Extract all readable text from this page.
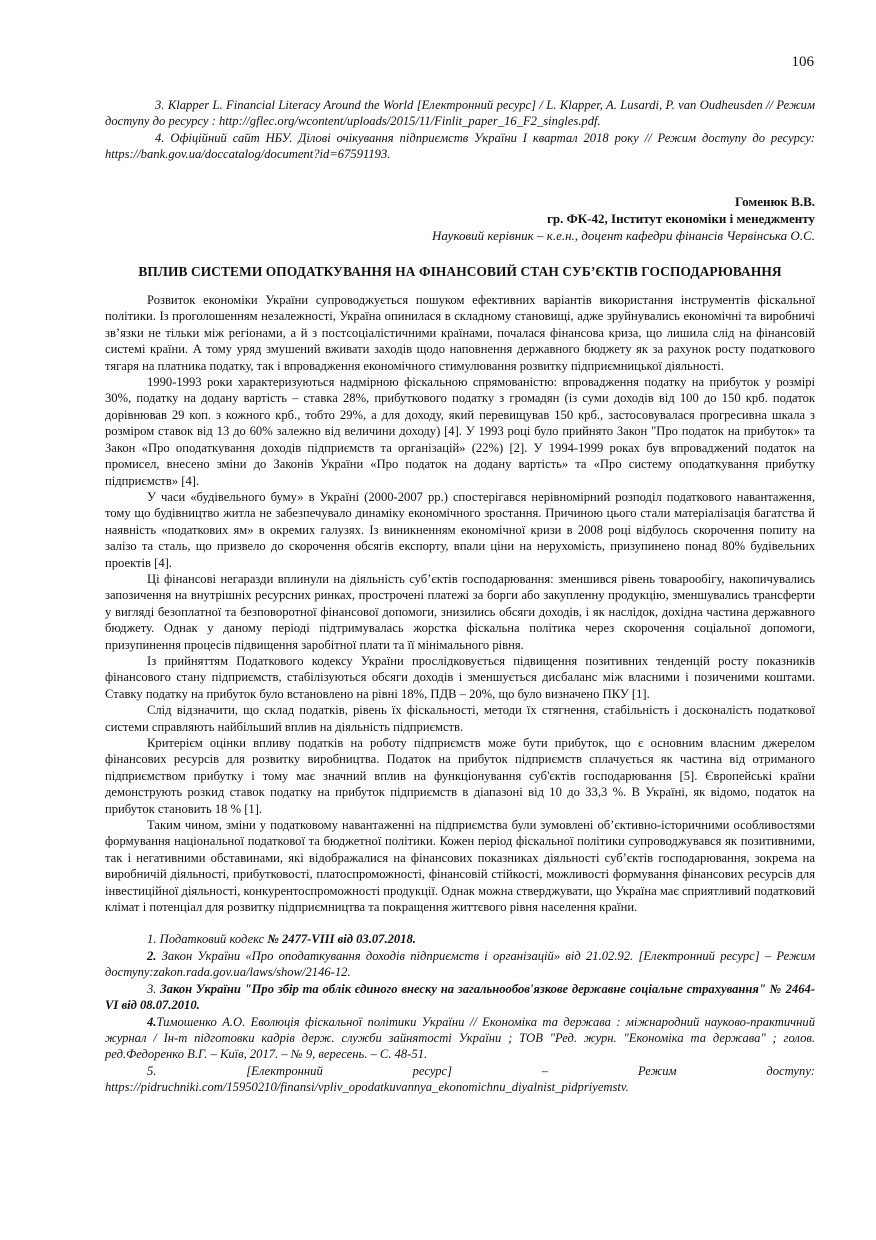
106

3. Klapper L. Financial Literacy Around the World [Електронний ресурс] / L. Klapper, A. Lusardi, P. van Oudheusden // Режим доступу до ресурсу : http://gflec.org/wcontent/uploads/2015/11/Finlit_paper_16_F2_singles.pdf.

4. Офіційний сайт НБУ. Ділові очікування підприємств України І квартал 2018 року // Режим доступу до ресурсу: https://bank.gov.ua/doccatalog/document?id=67591193.

Гоменюк В.В.
гр. ФК-42, Інститут економіки і менеджменту
Науковий керівник – к.е.н., доцент кафедри фінансів Червінська О.С.
ВПЛИВ СИСТЕМИ ОПОДАТКУВАННЯ НА ФІНАНСОВИЙ СТАН СУБ’ЄКТІВ ГОСПОДАРЮВАННЯ

Розвиток економіки України супроводжується пошуком ефективних варіантів використання інструментів фіскальної політики. Із проголошенням незалежності, Україна опинилася в складному становищі, адже зруйнувались економічні та виробничі зв’язки не тільки між регіонами, а й з постсоціалістичними країнами, почалася фінансова криза, що лишила слід на фінансовій системі країни. А тому уряд змушений вживати заходів щодо наповнення державного бюджету як за рахунок росту податкового тягаря на платника податку, так і впровадження економічного стимулювання розвитку підприємницької діяльності.

1990-1993 роки характеризуються надмірною фіскальною спрямованістю: впровадження податку на прибуток у розмірі 30%, податку на додану вартість – ставка 28%, прибуткового податку з громадян (із суми доходів від 100 до 150 крб. податок дорівнював 29 коп. з кожного крб., тобто 29%, а для доходу, який перевищував 150 крб., застосовувалася прогресивна шкала з розміром ставок від 13 до 60% залежно від величини доходу) [4]. У 1993 році було прийнято Закон "Про податок на прибуток» та Закон «Про оподаткування доходів підприємств та організацій» (22%) [2]. У 1994-1999 роках був впроваджений податок на промисел, внесено зміни до Законів України «Про податок на додану вартість» та «Про систему оподаткування прибутку підприємств» [4].

У часи «будівельного буму» в Україні (2000-2007 рр.) спостерігався нерівномірний розподіл податкового навантаження, тому що будівництво житла не забезпечувало динаміку економічного зростання. Причиною цього стали матеріалізація багатства й наявність «податкових ям» в окремих галузях. Із виникненням економічної кризи в 2008 році відбулось скорочення попиту на залізо та сталь, що призвело до скорочення обсягів експорту, впали ціни на нерухомість, призупинено понад 80% будівельних проектів [4].

Ці фінансові негаразди вплинули на діяльність суб’єктів господарювання: зменшився рівень товарообігу, накопичувались запозичення на внутрішніх ресурсних ринках, прострочені платежі за борги або закупленну продукцію, зменшувались трансферти у вигляді безоплатної та безповоротної фінансової допомоги, знизились обсяги доходів, і як наслідок, дохідна частина державного бюджету. Однак у даному періоді підтримувалась жорстка фіскальна політика через скорочення соціальної допомоги, призупинення процесів підвищення заробітної плати та її мінімального рівня.

Із прийняттям Податкового кодексу України прослідковується підвищення позитивних тенденцій росту показників фінансового стану підприємств, стабілізуються обсяги доходів і зменшується дисбаланс між власними і позиченими коштами. Ставку податку на прибуток було встановлено на рівні 18%, ПДВ – 20%, що було визначено ПКУ [1].

Слід відзначити, що склад податків, рівень їх фіскальності, методи їх стягнення, стабільність і досконалість податкової системи справляють найбільший вплив на діяльність підприємств.

Критерієм оцінки впливу податків на роботу підприємств може бути прибуток, що є основним власним джерелом фінансових ресурсів для розвитку виробництва. Податок на прибуток підприємств сплачується як частина від отриманого підприємством прибутку і тому має значний вплив на функціонування суб'єктів господарювання [5]. Європейські країни демонструють розкид ставок податку на прибуток підприємств в діапазоні від 10 до 33,3 %. В Україні, як відомо, податок на прибуток становить 18 % [1].

Таким чином, зміни у податковому навантаженні на підприємства були зумовлені об’єктивно-історичними особливостями формування національної податкової та бюджетної політики. Кожен період фіскальної політики супроводжувався як позитивними, так і негативними обставинами, які відображалися на фінансових показниках діяльності суб’єктів господарювання, зокрема на виробничій діяльності, прибутковості, платоспроможності, фінансовій стійкості, можливості формування фінансових ресурсів для інвестиційної діяльності, конкурентоспроможності продукції. Однак можна стверджувати, що Україна має сприятливий податковий клімат і потенціал для розвитку підприємництва та покращення життєвого рівня населення країни.

1. Податковий кодекс № 2477-VIII від 03.07.2018.

2. Закон України «Про оподаткування доходів підприємств і організацій» від 21.02.92. [Електронний ресурс] – Режим доступу:zakon.rada.gov.ua/laws/show/2146-12.

3. Закон України "Про збір та облік єдиного внеску на загальнообов'язкове державне соціальне страхування" № 2464-VI від 08.07.2010.

4.Тимошенко А.О. Еволюція фіскальної політики України // Економіка та держава : міжнародний науково-практичний журнал / Ін-т підготовки кадрів держ. служби зайнятості України ; ТОВ "Ред. журн. "Економіка та держава" ; голов. ред.Федоренко В.Г. – Київ, 2017. – № 9, вересень. – С. 48-51.

5.	[Електронний	ресурс]	–	Режим	доступу:
https://pidruchniki.com/15950210/finansi/vpliv_opodatkuvannya_ekonomichnu_diyalnist_pidpriyemstv.
